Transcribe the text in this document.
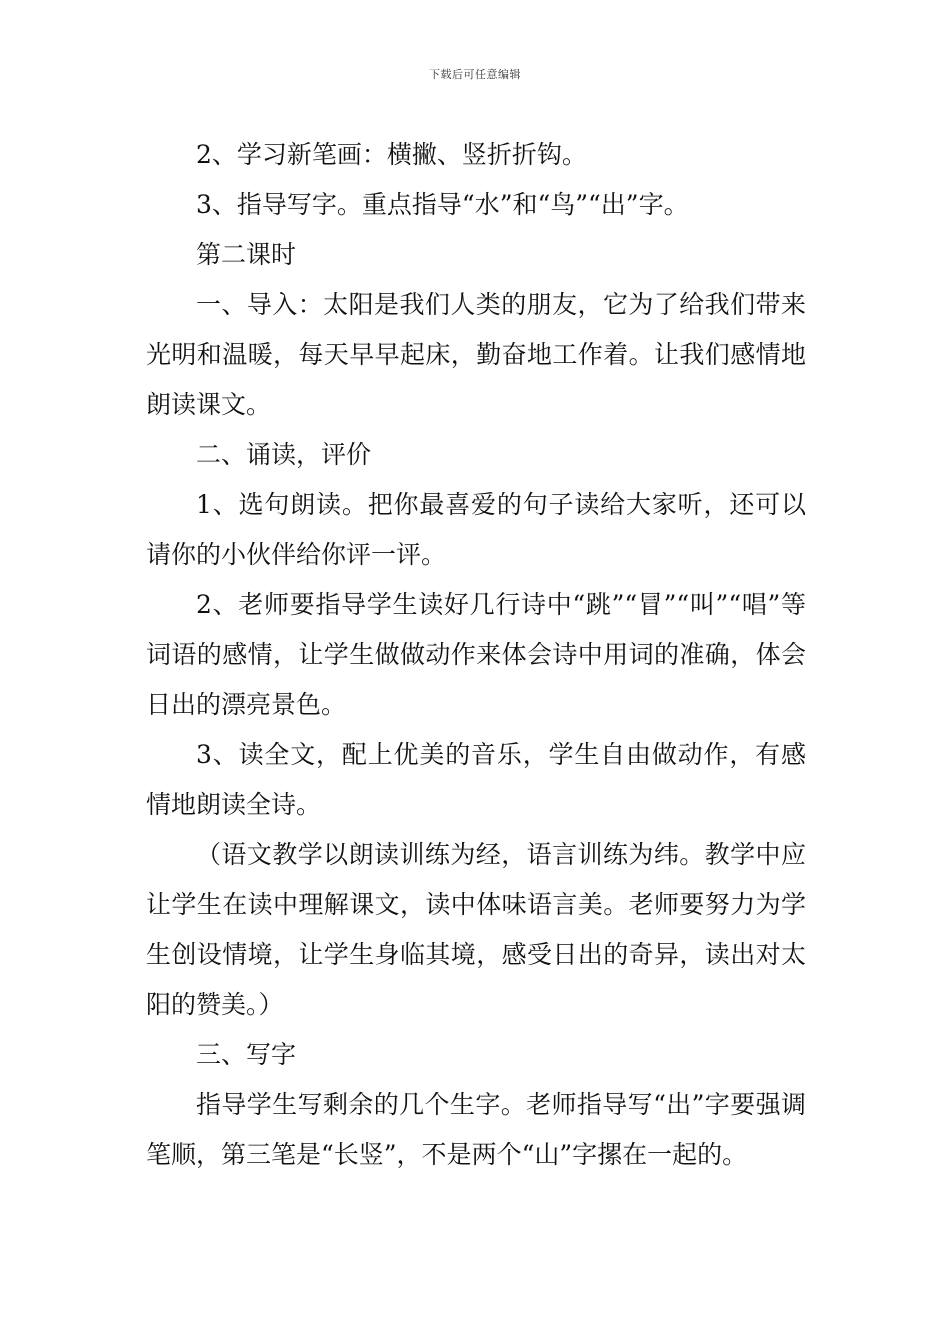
下载后可任意编辑

2、学习新笔画：横撇、竖折折钩。

3、指导写字。重点指导“水”和“鸟”“出”字。

第二课时

一、导入：太阳是我们人类的朋友，它为了给我们带来光明和温暖，每天早早起床，勤奋地工作着。让我们感情地朗读课文。

二、诵读，评价

1、选句朗读。把你最喜爱的句子读给大家听，还可以请你的小伙伴给你评一评。

2、老师要指导学生读好几行诗中“跳”“冒”“叫”“唱”等词语的感情，让学生做做动作来体会诗中用词的准确，体会日出的漂亮景色。

3、读全文，配上优美的音乐，学生自由做动作，有感情地朗读全诗。

（语文教学以朗读训练为经，语言训练为纬。教学中应让学生在读中理解课文，读中体味语言美。老师要努力为学生创设情境，让学生身临其境，感受日出的奇异，读出对太阳的赞美。）

三、写字

指导学生写剩余的几个生字。老师指导写“出”字要强调笔顺，第三笔是“长竖”，不是两个“山”字摞在一起的。
